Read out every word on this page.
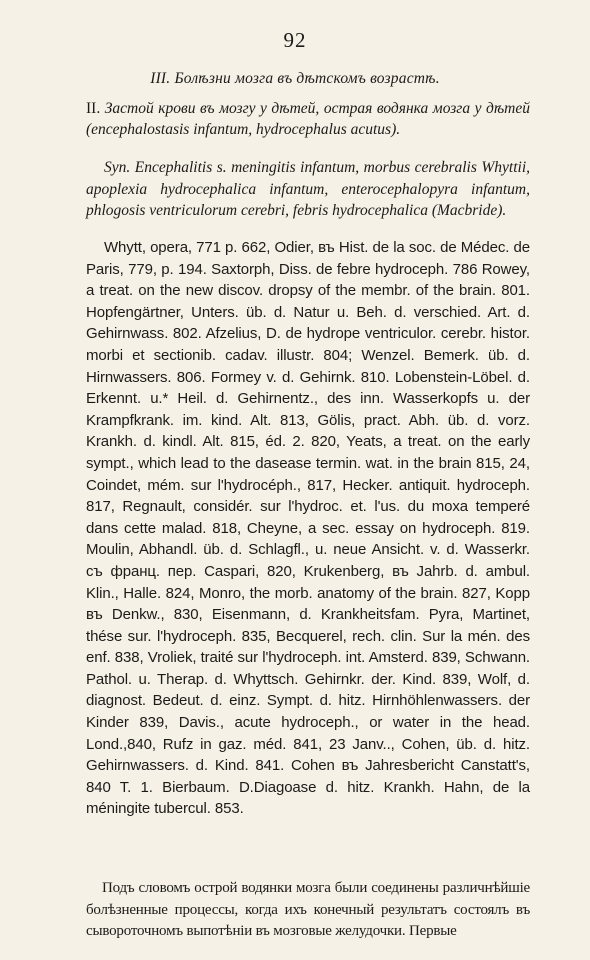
92
III. Болѣзни мозга въ дѣтскомъ возрастѣ.
II. Застой крови въ мозгу у дѣтей, острая водянка мозга у дѣтей (encephalostasis infantum, hydrocephalus acutus).
Syn. Encephalitis s. meningitis infantum, morbus cerebralis Whyttii, apoplexia hydrocephalica infantum, enterocephalopyra infantum, phlogosis ventriculorum cerebri, febris hydrocephalica (Macbride).
Whytt, opera, 771 p. 662, Odier, въ Hist. de la soc. de Médec. de Paris, 779, p. 194. Saxtorph, Diss. de febre hydroceph. 786 Rowey, a treat. on the new discov. dropsy of the membr. of the brain. 801. Hopfengärtner, Unters. üb. d. Natur u. Beh. d. verschied. Art. d. Gehirnwass. 802. Afzelius, D. de hydrope ventriculor. cerebr. histor. morbi et sectionib. cadav. illustr. 804; Wenzel. Bemerk. üb. d. Hirnwassers. 806. Formey v. d. Gehirnk. 810. Lobenstein-Löbel. d. Erkennt. u.* Heil. d. Gehirnentz., des inn. Wasserkopfs u. der Krampfkrank. im. kind. Alt. 813, Gölis, pract. Abh. üb. d. vorz. Krankh. d. kindl. Alt. 815, éd. 2. 820, Yeats, a treat. on the early sympt., which lead to the dasease termin. wat. in the brain 815, 24, Coindet, mém. sur l'hydrocéph., 817, Hecker. antiquit. hydroceph. 817, Regnault, considér. sur l'hydroc. et. l'us. du moxa temperé dans cette malad. 818, Cheyne, a sec. essay on hydroceph. 819. Moulin, Abhandl. üb. d. Schlagfl., u. neue Ansicht. v. d. Wasserkr. съ франц. пер. Caspari, 820, Krukenberg, въ Jahrb. d. ambul. Klin., Halle. 824, Monro, the morb. anatomy of the brain. 827, Kopp въ Denkw., 830, Eisenmann, d. Krankheitsfam. Pyra, Martinet, thése sur. l'hydroceph. 835, Becquerel, rech. clin. Sur la mén. des enf. 838, Vroliek, traité sur l'hydroceph. int. Amsterd. 839, Schwann. Pathol. u. Therap. d. Whyttsch. Gehirnkr. der. Kind. 839, Wolf, d. diagnost. Bedeut. d. einz. Sympt. d. hitz. Hirnhöhlenwassers. der Kinder 839, Davis., acute hydroceph., or water in the head. Lond.,840, Rufz in gaz. méd. 841, 23 Janv.., Cohen, üb. d. hitz. Gehirnwassers. d. Kind. 841. Cohen въ Jahresbericht Canstatt's, 840 T. 1. Bierbaum. D.Diagoase d. hitz. Krankh. Hahn, de la méningite tubercul. 853.
Подъ словомъ острой водянки мозга были соединены различнѣйшіе болѣзненные процессы, когда ихъ конечный результатъ состоялъ въ сывороточномъ выпотѣніи въ мозговые желудочки. Первые
